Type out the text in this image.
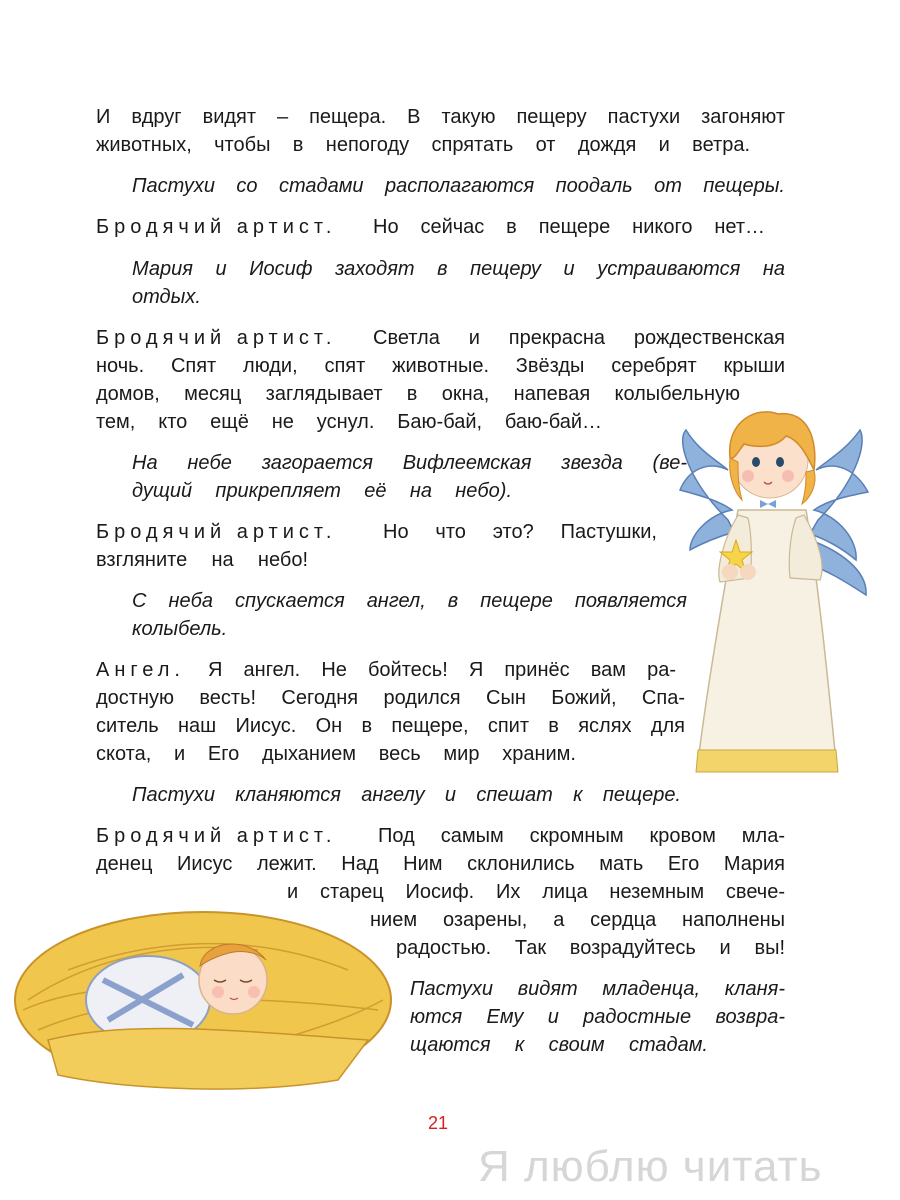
И вдруг видят – пещера. В такую пещеру пастухи загоняют
животных, чтобы в непогоду спрятать от дождя и ветра.
Пастухи со стадами располагаются поодаль от пещеры.
Бродячий артист. Но сейчас в пещере никого нет…
Мария и Иосиф заходят в пещеру и устраиваются на
отдых.
Бродячий артист. Светла и прекрасна рождественская
ночь. Спят люди, спят животные. Звёзды серебрят крыши
домов, месяц заглядывает в окна, напевая колыбельную
тем, кто ещё не уснул. Баю-бай, баю-бай…
На небе загорается Вифлеемская звезда (ве-
дущий прикрепляет её на небо).
Бродячий артист. Но что это? Пастушки,
взгляните на небо!
С неба спускается ангел, в пещере появляется
колыбель.
Ангел. Я ангел. Не бойтесь! Я принёс вам ра-
достную весть! Сегодня родился Сын Божий, Спа-
ситель наш Иисус. Он в пещере, спит в яслях для
скота, и Его дыханием весь мир храним.
Пастухи кланяются ангелу и спешат к пещере.
Бродячий артист. Под самым скромным кровом мла-
денец Иисус лежит. Над Ним склонились мать Его Мария
и старец Иосиф. Их лица неземным свече-
нием озарены, а сердца наполнены
радостью. Так возрадуйтесь и вы!
Пастухи видят младенца, кланя-
ются Ему и радостные возвра-
щаются к своим стадам.
21
Я люблю читать
